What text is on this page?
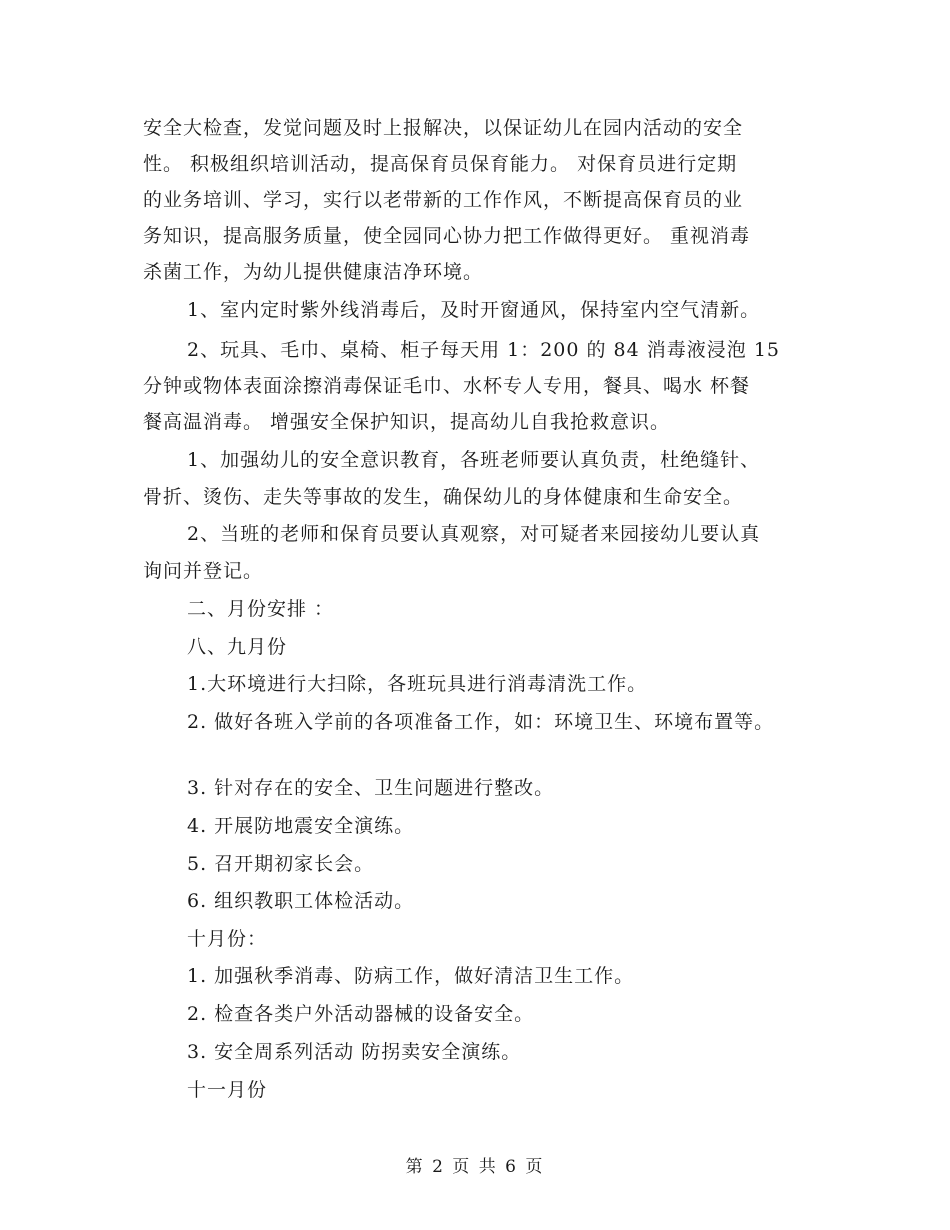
安全大检查，发觉问题及时上报解决，以保证幼儿在园内活动的安全
性。 积极组织培训活动，提高保育员保育能力。 对保育员进行定期
的业务培训、学习，实行以老带新的工作作风，不断提高保育员的业
务知识，提高服务质量，使全园同心协力把工作做得更好。 重视消毒
杀菌工作，为幼儿提供健康洁净环境。
1、室内定时紫外线消毒后，及时开窗通风，保持室内空气清新。
2、玩具、毛巾、桌椅、柜子每天用 1：200 的 84 消毒液浸泡 15
分钟或物体表面涂擦消毒保证毛巾、水杯专人专用，餐具、喝水 杯餐
餐高温消毒。 增强安全保护知识，提高幼儿自我抢救意识。
1、加强幼儿的安全意识教育，各班老师要认真负责，杜绝缝针、
骨折、烫伤、走失等事故的发生，确保幼儿的身体健康和生命安全。
2、当班的老师和保育员要认真观察，对可疑者来园接幼儿要认真
询问并登记。
二、月份安排 ：
八、九月份
1.大环境进行大扫除，各班玩具进行消毒清洗工作。
2. 做好各班入学前的各项准备工作，如：环境卫生、环境布置等。
3. 针对存在的安全、卫生问题进行整改。
4. 开展防地震安全演练。
5. 召开期初家长会。
6. 组织教职工体检活动。
十月份：
1. 加强秋季消毒、防病工作，做好清洁卫生工作。
2. 检查各类户外活动器械的设备安全。
3. 安全周系列活动 防拐卖安全演练。
十一月份
第 2 页 共 6 页
